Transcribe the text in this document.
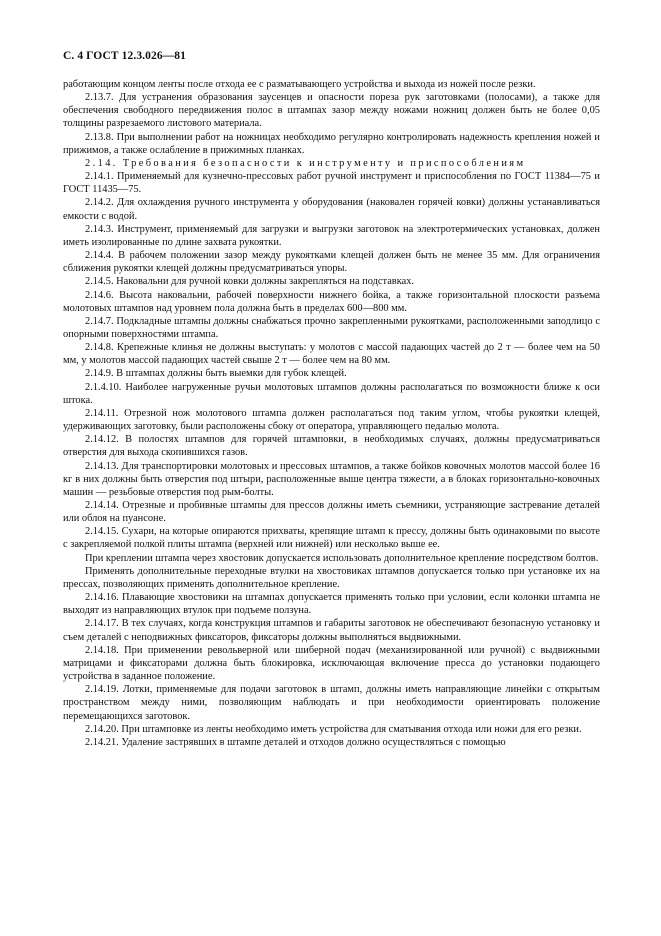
С. 4 ГОСТ 12.3.026—81

работающим концом ленты после отхода ее с разматывающего устройства и выхода из ножей после резки.

2.13.7. Для устранения образования заусенцев и опасности пореза рук заготовками (полосами), а также для обеспечения свободного передвижения полос в штампах зазор между ножами ножниц должен быть не более 0,05 толщины разрезаемого листового материала.

2.13.8. При выполнении работ на ножницах необходимо регулярно контролировать надежность крепления ножей и прижимов, а также ослабление в прижимных планках.

2.14. Требования безопасности к инструменту и приспособлениям

2.14.1. Применяемый для кузнечно-прессовых работ ручной инструмент и приспособления по ГОСТ 11384—75 и ГОСТ 11435—75.

2.14.2. Для охлаждения ручного инструмента у оборудования (наковален горячей ковки) должны устанавливаться емкости с водой.

2.14.3. Инструмент, применяемый для загрузки и выгрузки заготовок на электротермических установках, должен иметь изолированные по длине захвата рукоятки.

2.14.4. В рабочем положении зазор между рукоятками клещей должен быть не менее 35 мм. Для ограничения сближения рукоятки клещей должны предусматриваться упоры.

2.14.5. Наковальни для ручной ковки должны закрепляться на подставках.

2.14.6. Высота наковальни, рабочей поверхности нижнего бойка, а также горизонтальной плоскости разъема молотовых штампов над уровнем пола должна быть в пределах 600—800 мм.

2.14.7. Подкладные штампы должны снабжаться прочно закрепленными рукоятками, расположенными заподлицо с опорными поверхностями штампа.

2.14.8. Крепежные клинья не должны выступать: у молотов с массой падающих частей до 2 т — более чем на 50 мм, у молотов массой падающих частей свыше 2 т — более чем на 80 мм.

2.14.9. В штампах должны быть выемки для губок клещей.

2.1.4.10. Наиболее нагруженные ручьи молотовых штампов должны располагаться по возможности ближе к оси штока.

2.14.11. Отрезной нож молотового штампа должен располагаться под таким углом, чтобы рукоятки клещей, удерживающих заготовку, были расположены сбоку от оператора, управляющего педалью молота.

2.14.12. В полостях штампов для горячей штамповки, в необходимых случаях, должны предусматриваться отверстия для выхода скопившихся газов.

2.14.13. Для транспортировки молотовых и прессовых штампов, а также бойков ковочных молотов массой более 16 кг в них должны быть отверстия под штыри, расположенные выше центра тяжести, а в блоках горизонтально-ковочных машин — резьбовые отверстия под рым-болты.

2.14.14. Отрезные и пробивные штампы для прессов должны иметь съемники, устраняющие застревание деталей или облоя на пуансоне.

2.14.15. Сухари, на которые опираются прихваты, крепящие штамп к прессу, должны быть одинаковыми по высоте с закрепляемой полкой плиты штампа (верхней или нижней) или несколько выше ее.

При креплении штампа через хвостовик допускается использовать дополнительное крепление посредством болтов.

Применять дополнительные переходные втулки на хвостовиках штампов допускается только при установке их на прессах, позволяющих применять дополнительное крепление.

2.14.16. Плавающие хвостовики на штампах допускается применять только при условии, если колонки штампа не выходят из направляющих втулок при подъеме ползуна.

2.14.17. В тех случаях, когда конструкция штампов и габариты заготовок не обеспечивают безопасную установку и съем деталей с неподвижных фиксаторов, фиксаторы должны выполняться выдвижными.

2.14.18. При применении револьверной или шиберной подач (механизированной или ручной) с выдвижными матрицами и фиксаторами должна быть блокировка, исключающая включение пресса до установки подающего устройства в заданное положение.

2.14.19. Лотки, применяемые для подачи заготовок в штамп, должны иметь направляющие линейки с открытым пространством между ними, позволяющим наблюдать и при необходимости ориентировать положение перемещающихся заготовок.

2.14.20. При штамповке из ленты необходимо иметь устройства для сматывания отхода или ножи для его резки.

2.14.21. Удаление застрявших в штампе деталей и отходов должно осуществляться с помощью
